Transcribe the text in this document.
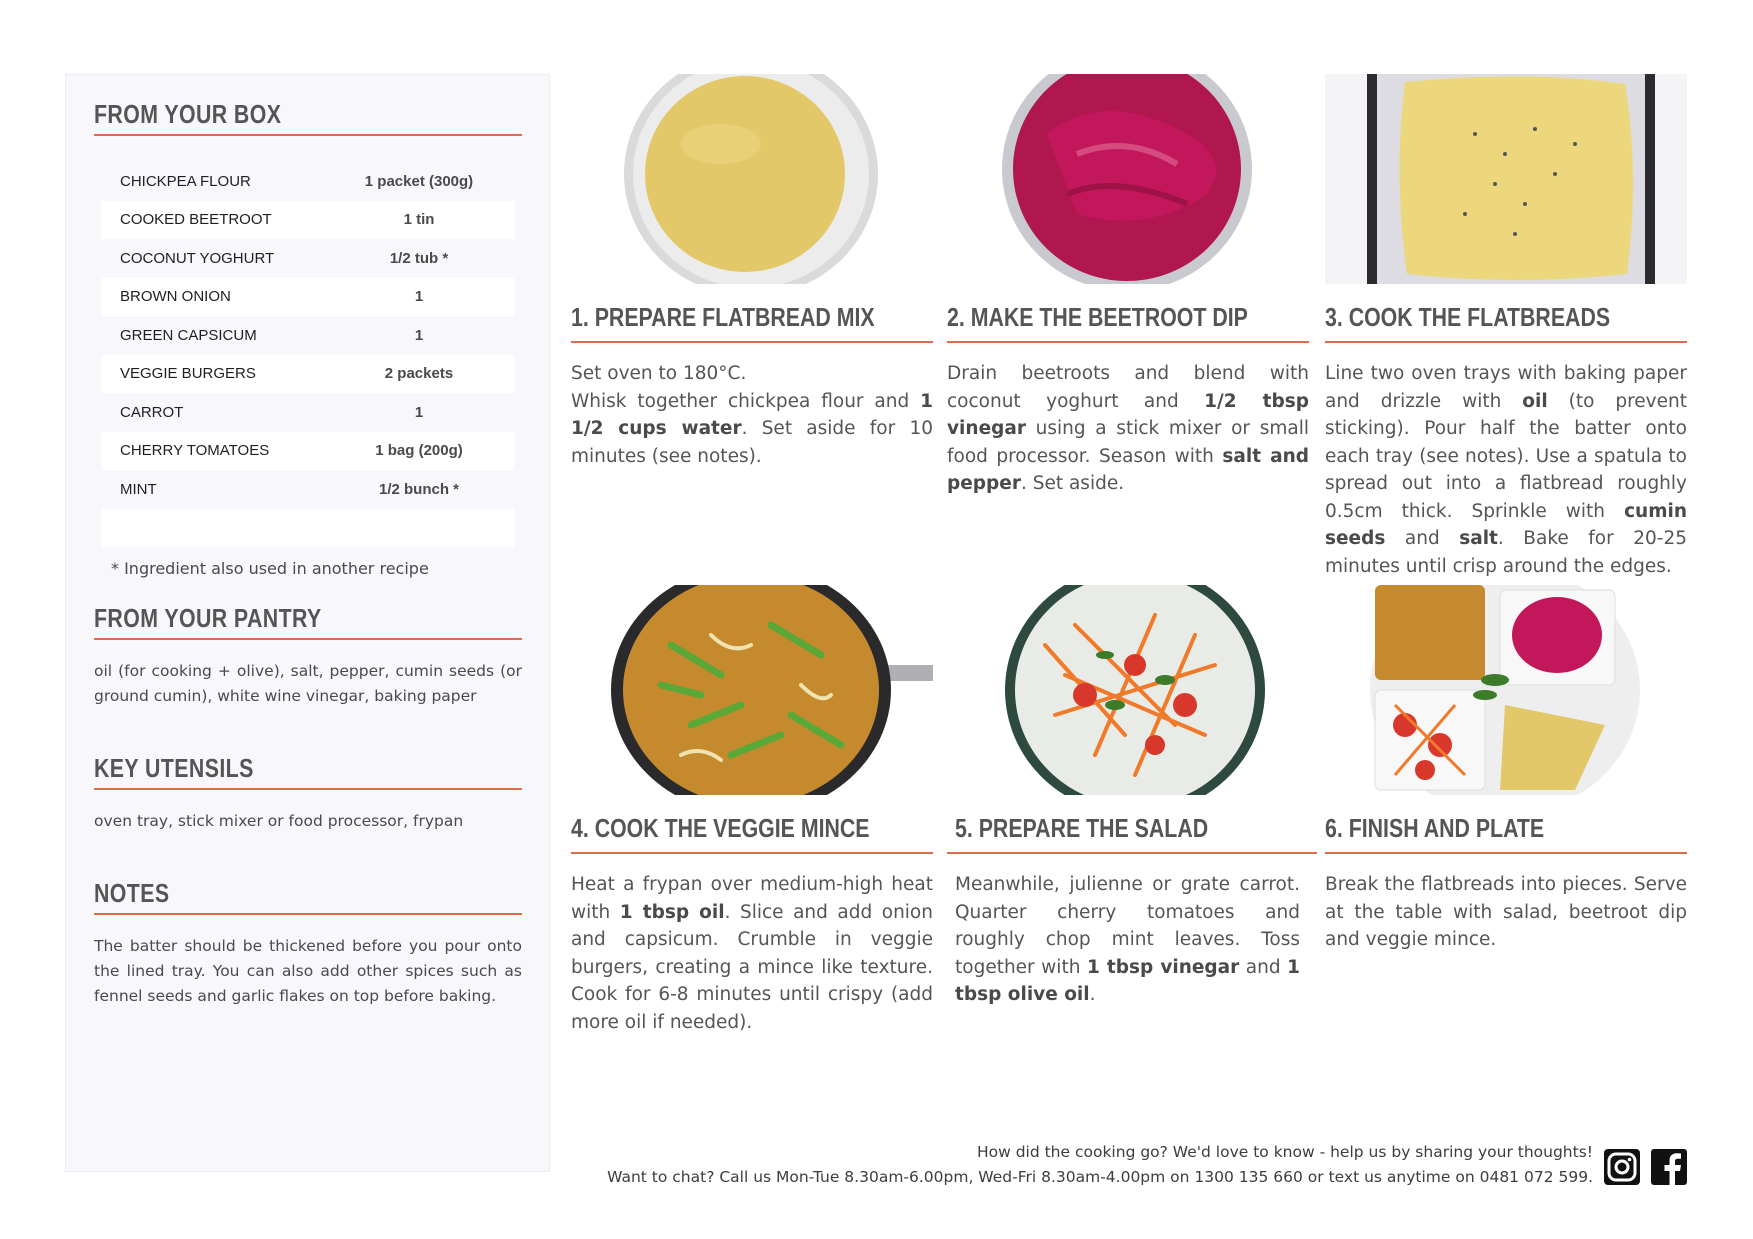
FROM YOUR BOX
CHICKPEA FLOUR	1 packet (300g)
COOKED BEETROOT	1 tin
COCONUT YOGHURT	1/2 tub *
BROWN ONION	1
GREEN CAPSICUM	1
VEGGIE BURGERS	2 packets
CARROT	1
CHERRY TOMATOES	1 bag (200g)
MINT	1/2 bunch *
* Ingredient also used in another recipe
FROM YOUR PANTRY
oil (for cooking + olive), salt, pepper, cumin seeds (or ground cumin), white wine vinegar, baking paper
KEY UTENSILS
oven tray, stick mixer or food processor, frypan
NOTES
The batter should be thickened before you pour onto the lined tray. You can also add other spices such as fennel seeds and garlic flakes on top before baking.
1. PREPARE FLATBREAD MIX
Set oven to 180°C.
Whisk together chickpea flour and 1 1/2 cups water. Set aside for 10 minutes (see notes).
2. MAKE THE BEETROOT DIP
Drain beetroots and blend with coconut yoghurt and 1/2 tbsp vinegar using a stick mixer or small food processor. Season with salt and pepper. Set aside.
3. COOK THE FLATBREADS
Line two oven trays with baking paper and drizzle with oil (to prevent sticking). Pour half the batter onto each tray (see notes). Use a spatula to spread out into a flatbread roughly 0.5cm thick. Sprinkle with cumin seeds and salt. Bake for 20-25 minutes until crisp around the edges.
4. COOK THE VEGGIE MINCE
Heat a frypan over medium-high heat with 1 tbsp oil. Slice and add onion and capsicum. Crumble in veggie burgers, creating a mince like texture. Cook for 6-8 minutes until crispy (add more oil if needed).
5. PREPARE THE SALAD
Meanwhile, julienne or grate carrot. Quarter cherry tomatoes and roughly chop mint leaves. Toss together with 1 tbsp vinegar and 1 tbsp olive oil.
6. FINISH AND PLATE
Break the flatbreads into pieces. Serve at the table with salad, beetroot dip and veggie mince.
How did the cooking go? We'd love to know - help us by sharing your thoughts!
Want to chat? Call us Mon-Tue 8.30am-6.00pm, Wed-Fri 8.30am-4.00pm on 1300 135 660 or text us anytime on 0481 072 599.
